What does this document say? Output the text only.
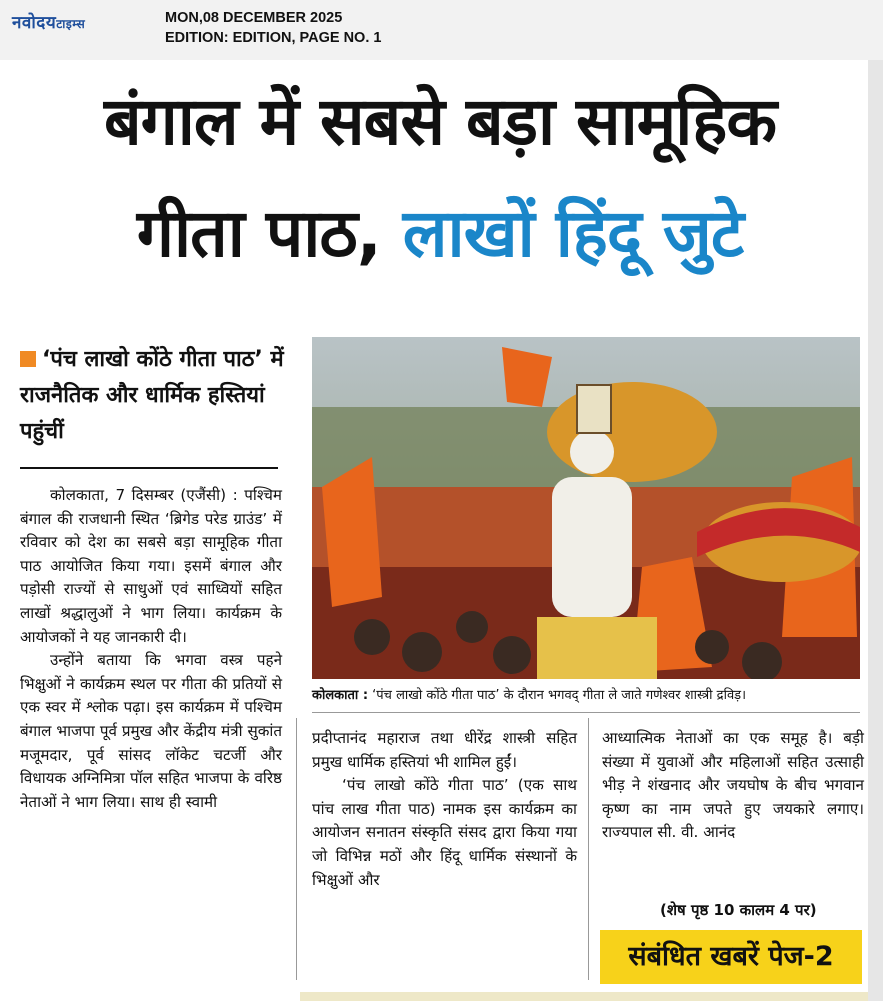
नवोदयटाइम्स	MON,08 DECEMBER 2025
EDITION: EDITION, PAGE NO. 1
बंगाल में सबसे बड़ा सामूहिक
गीता पाठ, लाखों हिंदू जुटे
‘पंच लाखो कोंठे गीता पाठ’ में राजनैतिक और धार्मिक हस्तियां पहुंचीं

कोलकाता, 7 दिसम्बर (एजैंसी) : पश्चिम बंगाल की राजधानी स्थित ‘ब्रिगेड परेड ग्राउंड’ में रविवार को देश का सबसे बड़ा सामूहिक गीता पाठ आयोजित किया गया। इसमें बंगाल और पड़ोसी राज्यों से साधुओं एवं साध्वियों सहित लाखों श्रद्धालुओं ने भाग लिया। कार्यक्रम के आयोजकों ने यह जानकारी दी।

उन्होंने बताया कि भगवा वस्त्र पहने भिक्षुओं ने कार्यक्रम स्थल पर गीता की प्रतियों से एक स्वर में श्लोक पढ़ा। इस कार्यक्रम में पश्चिम बंगाल भाजपा पूर्व प्रमुख और केंद्रीय मंत्री सुकांत मजूमदार, पूर्व सांसद लॉकेट चटर्जी और विधायक अग्निमित्रा पॉल सहित भाजपा के वरिष्ठ नेताओं ने भाग लिया। साथ ही स्वामी

कोलकाता : ‘पंच लाखो कोंठे गीता पाठ’ के दौरान भगवद् गीता ले जाते गणेश्वर शास्त्री द्रविड़।

प्रदीप्तानंद महाराज तथा धीरेंद्र शास्त्री सहित प्रमुख धार्मिक हस्तियां भी शामिल हुईं।

‘पंच लाखो कोंठे गीता पाठ’ (एक साथ पांच लाख गीता पाठ) नामक इस कार्यक्रम का आयोजन सनातन संस्कृति संसद द्वारा किया गया जो विभिन्न मठों और हिंदू धार्मिक संस्थानों के भिक्षुओं और

आध्यात्मिक नेताओं का एक समूह है। बड़ी संख्या में युवाओं और महिलाओं सहित उत्साही भीड़ ने शंखनाद और जयघोष के बीच भगवान कृष्ण का नाम जपते हुए जयकारे लगाए। राज्यपाल सी. वी. आनंद

(शेष पृष्ठ 10 कालम 4 पर)
संबंधित खबरें पेज-2
